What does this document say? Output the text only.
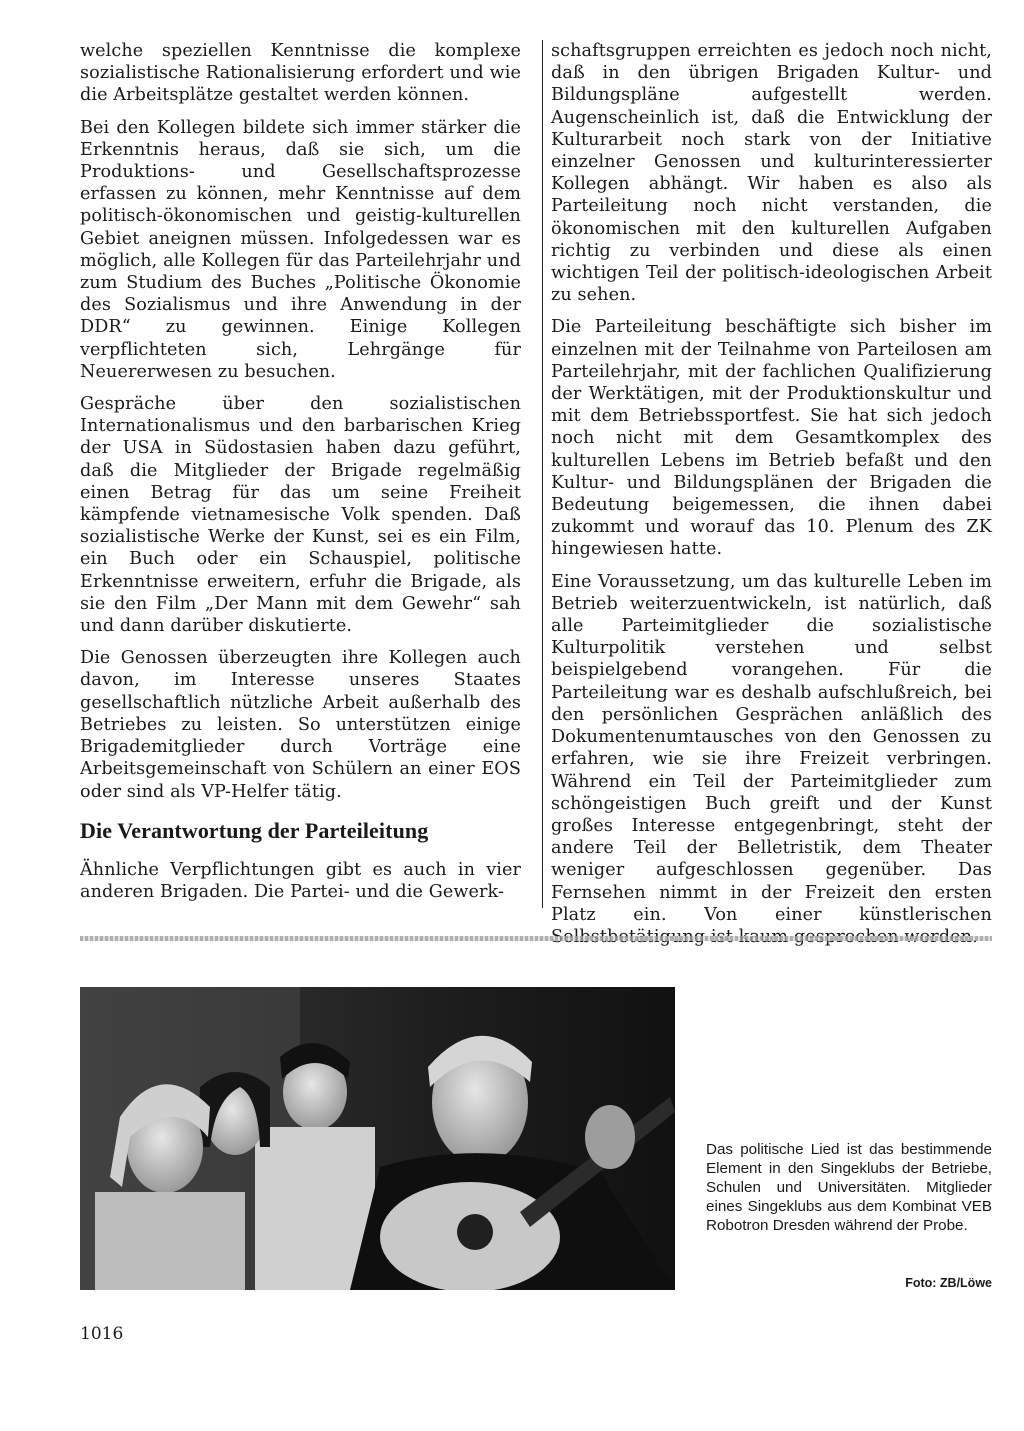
welche speziellen Kenntnisse die komplexe sozialistische Rationalisierung erfordert und wie die Arbeitsplätze gestaltet werden können.

Bei den Kollegen bildete sich immer stärker die Erkenntnis heraus, daß sie sich, um die Produktions- und Gesellschaftsprozesse erfassen zu können, mehr Kenntnisse auf dem politisch-ökonomischen und geistig-kulturellen Gebiet aneignen müssen. Infolgedessen war es möglich, alle Kollegen für das Parteilehrjahr und zum Studium des Buches „Politische Ökonomie des Sozialismus und ihre Anwendung in der DDR“ zu gewinnen. Einige Kollegen verpflichteten sich, Lehrgänge für Neuererwesen zu besuchen.

Gespräche über den sozialistischen Internationalismus und den barbarischen Krieg der USA in Südostasien haben dazu geführt, daß die Mitglieder der Brigade regelmäßig einen Betrag für das um seine Freiheit kämpfende vietnamesische Volk spenden. Daß sozialistische Werke der Kunst, sei es ein Film, ein Buch oder ein Schauspiel, politische Erkenntnisse erweitern, erfuhr die Brigade, als sie den Film „Der Mann mit dem Gewehr“ sah und dann darüber diskutierte.

Die Genossen überzeugten ihre Kollegen auch davon, im Interesse unseres Staates gesellschaftlich nützliche Arbeit außerhalb des Betriebes zu leisten. So unterstützen einige Brigademitglieder durch Vorträge eine Arbeitsgemeinschaft von Schülern an einer EOS oder sind als VP-Helfer tätig.

Die Verantwortung der Parteileitung

Ähnliche Verpflichtungen gibt es auch in vier anderen Brigaden. Die Partei- und die Gewerk-

schaftsgruppen erreichten es jedoch noch nicht, daß in den übrigen Brigaden Kultur- und Bildungspläne aufgestellt werden. Augenscheinlich ist, daß die Entwicklung der Kulturarbeit noch stark von der Initiative einzelner Genossen und kulturinteressierter Kollegen abhängt. Wir haben es also als Parteileitung noch nicht verstanden, die ökonomischen mit den kulturellen Aufgaben richtig zu verbinden und diese als einen wichtigen Teil der politisch-ideologischen Arbeit zu sehen.

Die Parteileitung beschäftigte sich bisher im einzelnen mit der Teilnahme von Parteilosen am Parteilehrjahr, mit der fachlichen Qualifizierung der Werktätigen, mit der Produktionskultur und mit dem Betriebssportfest. Sie hat sich jedoch noch nicht mit dem Gesamtkomplex des kulturellen Lebens im Betrieb befaßt und den Kultur- und Bildungsplänen der Brigaden die Bedeutung beigemessen, die ihnen dabei zukommt und worauf das 10. Plenum des ZK hingewiesen hatte.

Eine Voraussetzung, um das kulturelle Leben im Betrieb weiterzuentwickeln, ist natürlich, daß alle Parteimitglieder die sozialistische Kulturpolitik verstehen und selbst beispielgebend vorangehen. Für die Parteileitung war es deshalb aufschlußreich, bei den persönlichen Gesprächen anläßlich des Dokumentenumtausches von den Genossen zu erfahren, wie sie ihre Freizeit verbringen. Während ein Teil der Parteimitglieder zum schöngeistigen Buch greift und der Kunst großes Interesse entgegenbringt, steht der andere Teil der Belletristik, dem Theater weniger aufgeschlossen gegenüber. Das Fernsehen nimmt in der Freizeit den ersten Platz ein. Von einer künstlerischen

Das politische Lied ist das bestimmende Element in den Singeklubs der Betriebe, Schulen und Universitäten. Mitglieder eines Singeklubs aus dem Kombinat VEB Robotron Dresden während der Probe.
Foto: ZB/Löwe
1016
